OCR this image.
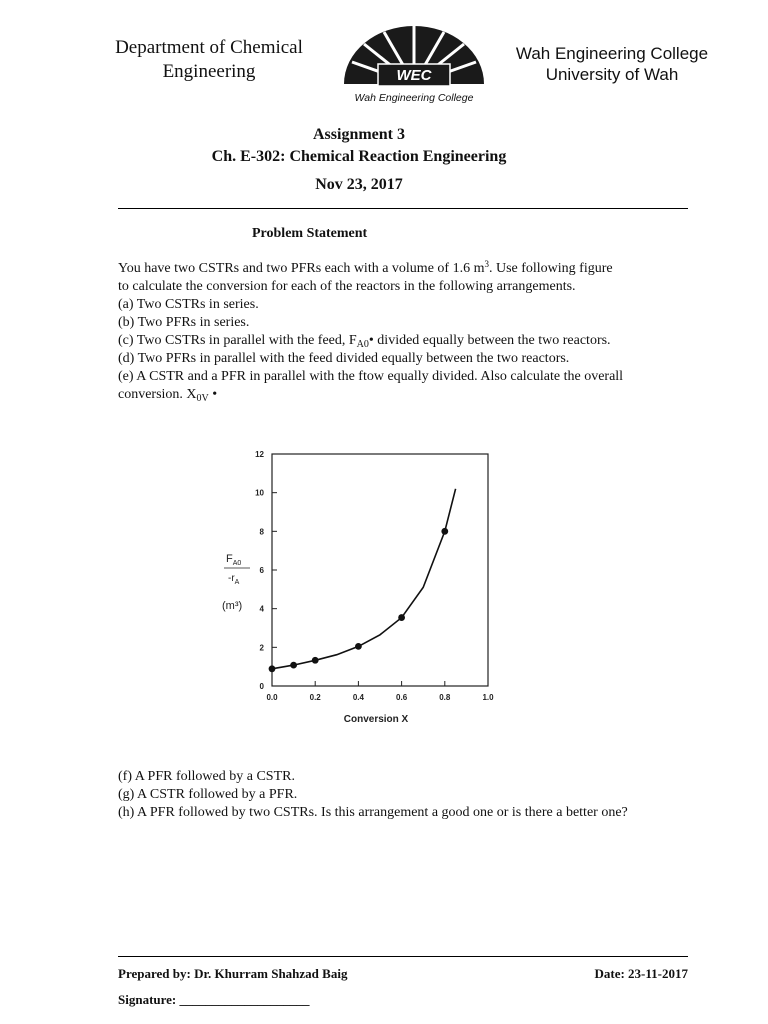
Department of Chemical
Engineering	WEC
Wah Engineering College
Wah Engineering College
University of Wah
Assignment 3
Ch. E-302: Chemical Reaction Engineering
Nov 23, 2017
Problem Statement

You have two CSTRs and two PFRs each with a volume of 1.6 $m^3$. Use following figure

to calculate the conversion for each of the reactors in the following arrangements.

(a) Two CSTRs in series.

(b) Two PFRs in series.

(c) Two CSTRs in parallel with the feed, $F_{A0}•$ divided equally between the two reactors.

(d) Two PFRs in parallel with the feed divided equally between the two reactors.

(e) A CSTR and a PFR in parallel with the ftow equally divided. Also calculate the overall

conversion. $X_{0V}$ •

0.0	0.2	0.4	0.6	0.8	1.0
0
2
4
6
8
10
12
$F_{A0}$
$-r_A$
(m³)
Conversion X

(f) A PFR followed by a CSTR.

(g) A CSTR followed by a PFR.

(h) A PFR followed by two CSTRs. Is this arrangement a good one or is there a better one?

Prepared by: Dr. Khurram Shahzad Baig	Date: 23-11-2017
Signature: ____________________
